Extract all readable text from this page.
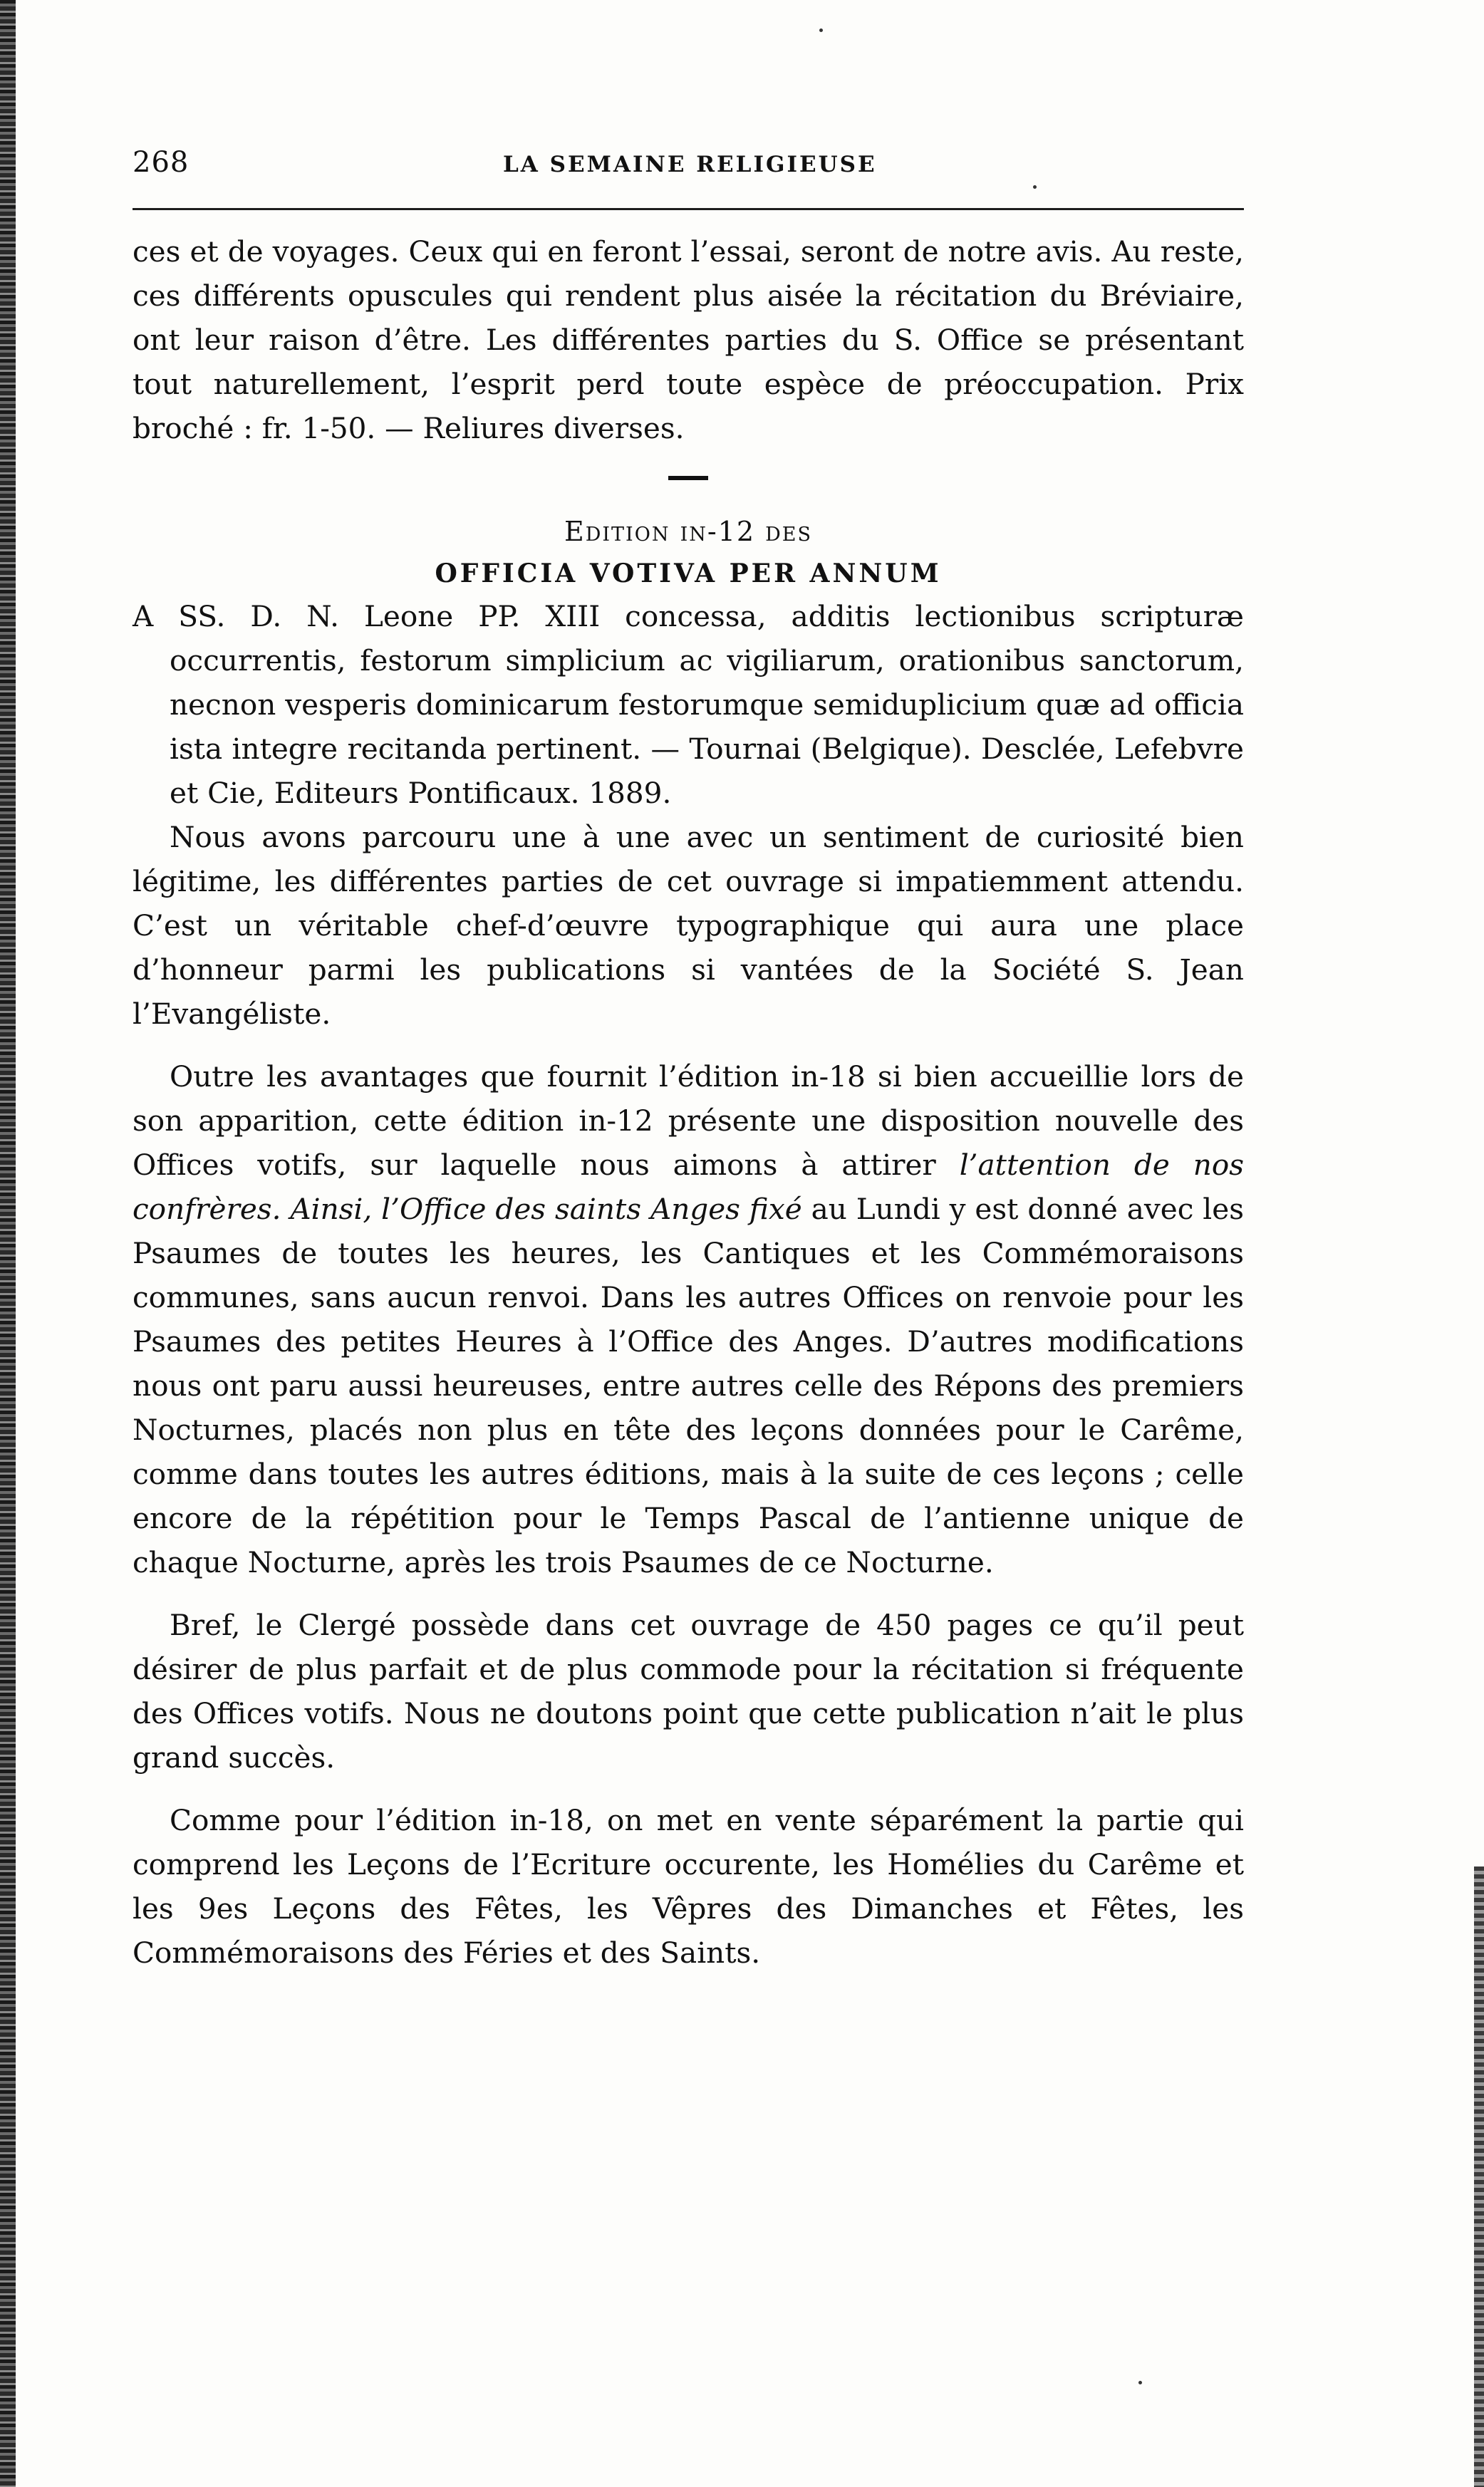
268	LA SEMAINE RELIGIEUSE

ces et de voyages. Ceux qui en feront l’essai, seront de notre avis. Au reste, ces différents opuscules qui rendent plus aisée la récitation du Bréviaire, ont leur raison d’être. Les différentes parties du S. Office se présentant tout naturellement, l’esprit perd toute espèce de préoccupation. Prix broché : fr. 1-50. — Reliures diverses.

Edition in-12 des

OFFICIA VOTIVA PER ANNUM

A SS. D. N. Leone PP. XIII concessa, additis lectionibus scripturæ occurrentis, festorum simplicium ac vigiliarum, orationibus sanctorum, necnon vesperis dominicarum festorumque semiduplicium quæ ad officia ista integre recitanda pertinent. — Tournai (Belgique). Desclée, Lefebvre et Cie, Editeurs Pontificaux. 1889.

Nous avons parcouru une à une avec un sentiment de curiosité bien légitime, les différentes parties de cet ouvrage si impatiemment attendu. C’est un véritable chef-d’œuvre typographique qui aura une place d’honneur parmi les publications si vantées de la Société S. Jean l’Evangéliste.

Outre les avantages que fournit l’édition in-18 si bien accueillie lors de son apparition, cette édition in-12 présente une disposition nouvelle des Offices votifs, sur laquelle nous aimons à attirer l’attention de nos confrères. Ainsi, l’Office des saints Anges fixé au Lundi y est donné avec les Psaumes de toutes les heures, les Cantiques et les Commémoraisons communes, sans aucun renvoi. Dans les autres Offices on renvoie pour les Psaumes des petites Heures à l’Office des Anges. D’autres modifications nous ont paru aussi heureuses, entre autres celle des Répons des premiers Nocturnes, placés non plus en tête des leçons données pour le Carême, comme dans toutes les autres éditions, mais à la suite de ces leçons ; celle encore de la répétition pour le Temps Pascal de l’antienne unique de chaque Nocturne, après les trois Psaumes de ce Nocturne.

Bref, le Clergé possède dans cet ouvrage de 450 pages ce qu’il peut désirer de plus parfait et de plus commode pour la récitation si fréquente des Offices votifs. Nous ne doutons point que cette publication n’ait le plus grand succès.

Comme pour l’édition in-18, on met en vente séparément la partie qui comprend les Leçons de l’Ecriture occurente, les Homélies du Carême et les 9es Leçons des Fêtes, les Vêpres des Dimanches et Fêtes, les Commémoraisons des Féries et des Saints.
